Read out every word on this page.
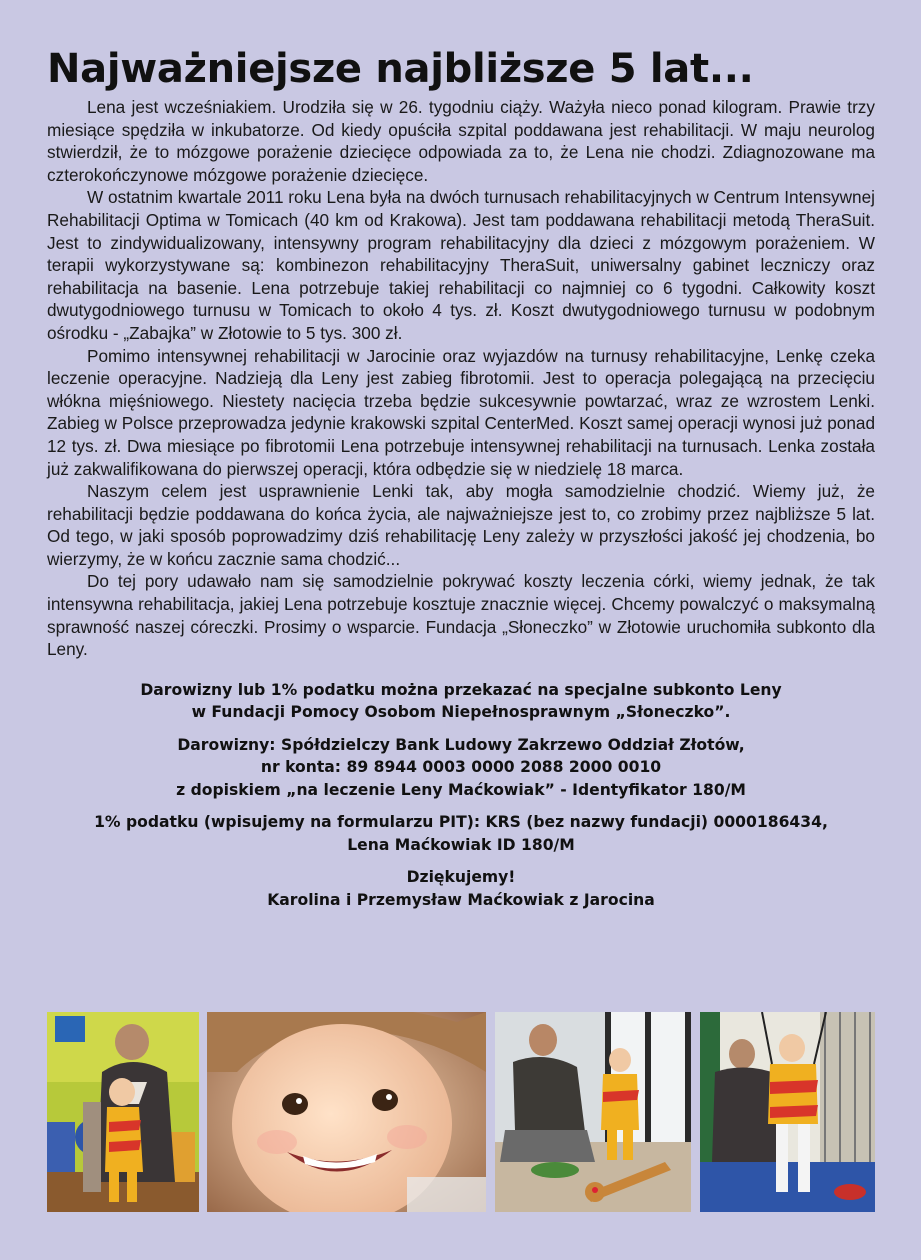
Najważniejsze najbliższe 5 lat...

Lena jest wcześniakiem. Urodziła się w 26. tygodniu ciąży. Ważyła nieco ponad kilogram. Prawie trzy miesiące spędziła w inkubatorze. Od kiedy opuściła szpital poddawana jest rehabilitacji. W maju neurolog stwierdził, że to mózgowe porażenie dziecięce odpowiada za to, że Lena nie chodzi. Zdiagnozowane ma czterokończynowe mózgowe porażenie dziecięce.

W ostatnim kwartale 2011 roku Lena była na dwóch turnusach rehabilitacyjnych w Centrum Intensywnej Rehabilitacji Optima w Tomicach (40 km od Krakowa). Jest tam poddawana rehabilitacji metodą TheraSuit. Jest to zindywidualizowany, intensywny program rehabilitacyjny dla dzieci z mózgowym porażeniem. W terapii wykorzystywane są: kombinezon rehabilitacyjny TheraSuit, uniwersalny gabinet leczniczy oraz rehabilitacja na basenie. Lena potrzebuje takiej rehabilitacji co najmniej co 6 tygodni. Całkowity koszt dwutygodniowego turnusu w Tomicach to około 4 tys. zł. Koszt dwutygodniowego turnusu w podobnym ośrodku - „Zabajka” w Złotowie to 5 tys. 300 zł.

Pomimo intensywnej rehabilitacji w Jarocinie oraz wyjazdów na turnusy rehabilitacyjne, Lenkę czeka leczenie operacyjne. Nadzieją dla Leny jest zabieg fibrotomii. Jest to operacja polegającą na przecięciu włókna mięśniowego. Niestety nacięcia trzeba będzie sukcesywnie powtarzać, wraz ze wzrostem Lenki. Zabieg w Polsce przeprowadza jedynie krakowski szpital CenterMed. Koszt samej operacji wynosi już ponad 12 tys. zł. Dwa miesiące po fibrotomii Lena potrzebuje intensywnej rehabilitacji na turnusach. Lenka została już zakwalifikowana do pierwszej operacji, która odbędzie się w niedzielę 18 marca.

Naszym celem jest usprawnienie Lenki tak, aby mogła samodzielnie chodzić. Wiemy już, że rehabilitacji będzie poddawana do końca życia, ale najważniejsze jest to, co zrobimy przez najbliższe 5 lat. Od tego, w jaki sposób poprowadzimy dziś rehabilitację Leny zależy w przyszłości jakość jej chodzenia, bo wierzymy, że w końcu zacznie sama chodzić...

Do tej pory udawało nam się samodzielnie pokrywać koszty leczenia córki, wiemy jednak, że tak intensywna rehabilitacja, jakiej Lena potrzebuje kosztuje znacznie więcej. Chcemy powalczyć o maksymalną sprawność naszej córeczki. Prosimy o wsparcie. Fundacja „Słoneczko” w Złotowie uruchomiła subkonto dla Leny.

Darowizny lub 1% podatku można przekazać na specjalne subkonto Leny
w Fundacji Pomocy Osobom Niepełnosprawnym „Słoneczko”.
Darowizny: Spółdzielczy Bank Ludowy Zakrzewo Oddział Złotów,
nr konta: 89 8944 0003 0000 2088 2000 0010
z dopiskiem „na leczenie Leny Maćkowiak” - Identyfikator 180/M
1% podatku (wpisujemy na formularzu PIT): KRS (bez nazwy fundacji) 0000186434,
Lena Maćkowiak ID 180/M
Dziękujemy!
Karolina i Przemysław Maćkowiak z Jarocina
